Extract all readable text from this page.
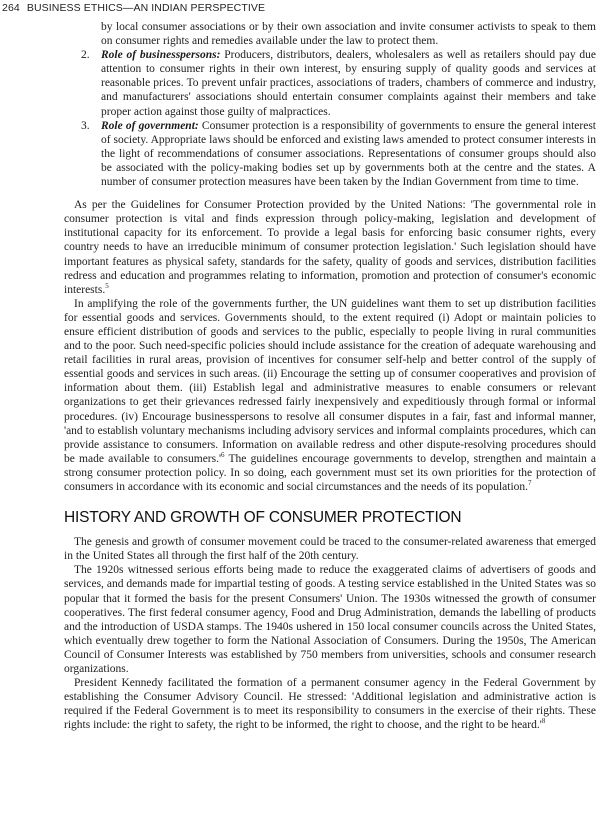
264 BUSINESS ETHICS—AN INDIAN PERSPECTIVE

by local consumer associations or by their own association and invite consumer activists to speak to them on consumer rights and remedies available under the law to protect them.

2. Role of businesspersons: Producers, distributors, dealers, wholesalers as well as retailers should pay due attention to consumer rights in their own interest, by ensuring supply of quality goods and services at reasonable prices. To prevent unfair practices, associations of traders, chambers of commerce and industry, and manufacturers' associations should entertain consumer complaints against their members and take proper action against those guilty of malpractices.
3. Role of government: Consumer protection is a responsibility of governments to ensure the general interest of society. Appropriate laws should be enforced and existing laws amended to protect consumer interests in the light of recommendations of consumer associations. Representations of consumer groups should also be associated with the policy-making bodies set up by governments both at the centre and the states. A number of consumer protection measures have been taken by the Indian Government from time to time.

As per the Guidelines for Consumer Protection provided by the United Nations: 'The governmental role in consumer protection is vital and finds expression through policy-making, legislation and development of institutional capacity for its enforcement. To provide a legal basis for enforcing basic consumer rights, every country needs to have an irreducible minimum of consumer protection legislation.' Such legislation should have important features as physical safety, standards for the safety, quality of goods and services, distribution facilities redress and education and programmes relating to information, promotion and protection of consumer's economic interests.$^5$

In amplifying the role of the governments further, the UN guidelines want them to set up distribution facilities for essential goods and services. Governments should, to the extent required (i) Adopt or maintain policies to ensure efficient distribution of goods and services to the public, especially to people living in rural communities and to the poor. Such need-specific policies should include assistance for the creation of adequate warehousing and retail facilities in rural areas, provision of incentives for consumer self-help and better control of the supply of essential goods and services in such areas. (ii) Encourage the setting up of consumer cooperatives and provision of information about them. (iii) Establish legal and administrative measures to enable consumers or relevant organizations to get their grievances redressed fairly inexpensively and expeditiously through formal or informal procedures. (iv) Encourage businesspersons to resolve all consumer disputes in a fair, fast and informal manner, 'and to establish voluntary mechanisms including advisory services and informal complaints procedures, which can provide assistance to consumers. Information on available redress and other dispute-resolving procedures should be made available to $consumers.'^6$ The guidelines encourage governments to develop, strengthen and maintain a strong consumer protection policy. In so doing, each government must set its own priorities for the protection of consumers in accordance with its economic and social circumstances and the needs of its population.$^7$

HISTORY AND GROWTH OF CONSUMER PROTECTION

The genesis and growth of consumer movement could be traced to the consumer-related awareness that emerged in the United States all through the first half of the 20th century.

The 1920s witnessed serious efforts being made to reduce the exaggerated claims of advertisers of goods and services, and demands made for impartial testing of goods. A testing service established in the United States was so popular that it formed the basis for the present Consumers' Union. The 1930s witnessed the growth of consumer cooperatives. The first federal consumer agency, Food and Drug Administration, demands the labelling of products and the introduction of USDA stamps. The 1940s ushered in 150 local consumer councils across the United States, which eventually drew together to form the National Association of Consumers. During the 1950s, The American Council of Consumer Interests was established by 750 members from universities, schools and consumer research organizations.

President Kennedy facilitated the formation of a permanent consumer agency in the Federal Government by establishing the Consumer Advisory Council. He stressed: 'Additional legislation and administrative action is required if the Federal Government is to meet its responsibility to consumers in the exercise of their rights. These rights include: the right to safety, the right to be informed, the right to choose, and the right to be $heard.'^8$
